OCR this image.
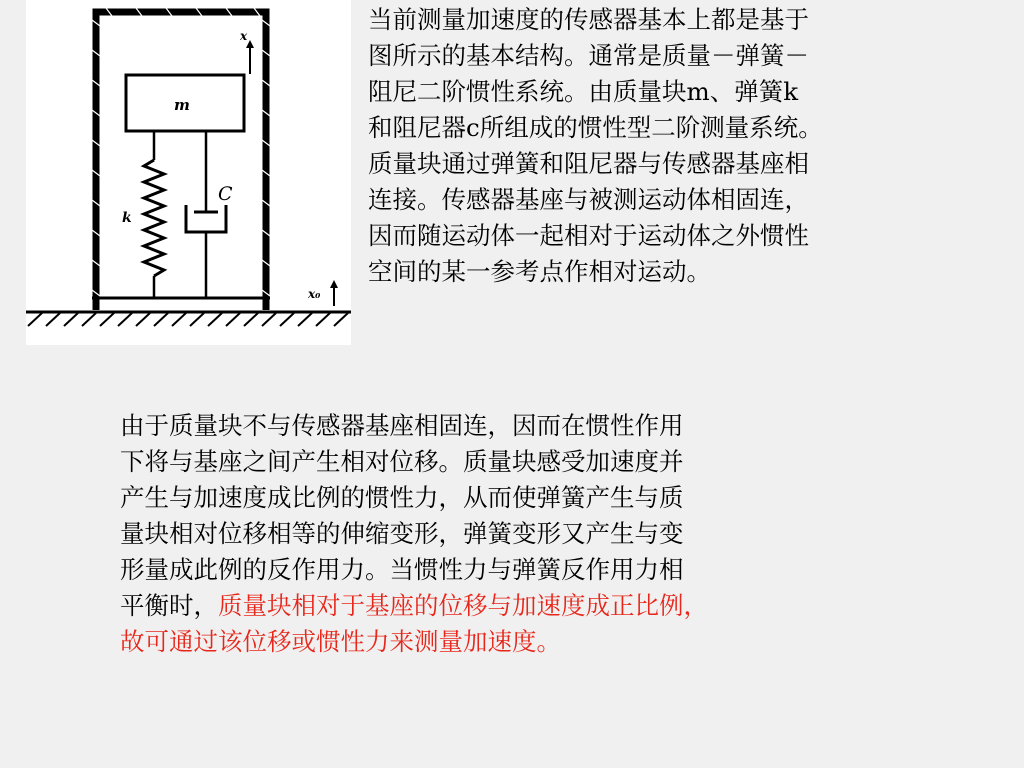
m
k
C
x
x₀
当前测量加速度的传感器基本上都是基于
图所示的基本结构。通常是质量－弹簧－
阻尼二阶惯性系统。由质量块m、弹簧k
和阻尼器c所组成的惯性型二阶测量系统。
质量块通过弹簧和阻尼器与传感器基座相
连接。传感器基座与被测运动体相固连，
因而随运动体一起相对于运动体之外惯性
空间的某一参考点作相对运动。
由于质量块不与传感器基座相固连，因而在惯性作用
下将与基座之间产生相对位移。质量块感受加速度并
产生与加速度成比例的惯性力，从而使弹簧产生与质
量块相对位移相等的伸缩变形，弹簧变形又产生与变
形量成此例的反作用力。当惯性力与弹簧反作用力相
平衡时，质量块相对于基座的位移与加速度成正比例，
故可通过该位移或惯性力来测量加速度。
